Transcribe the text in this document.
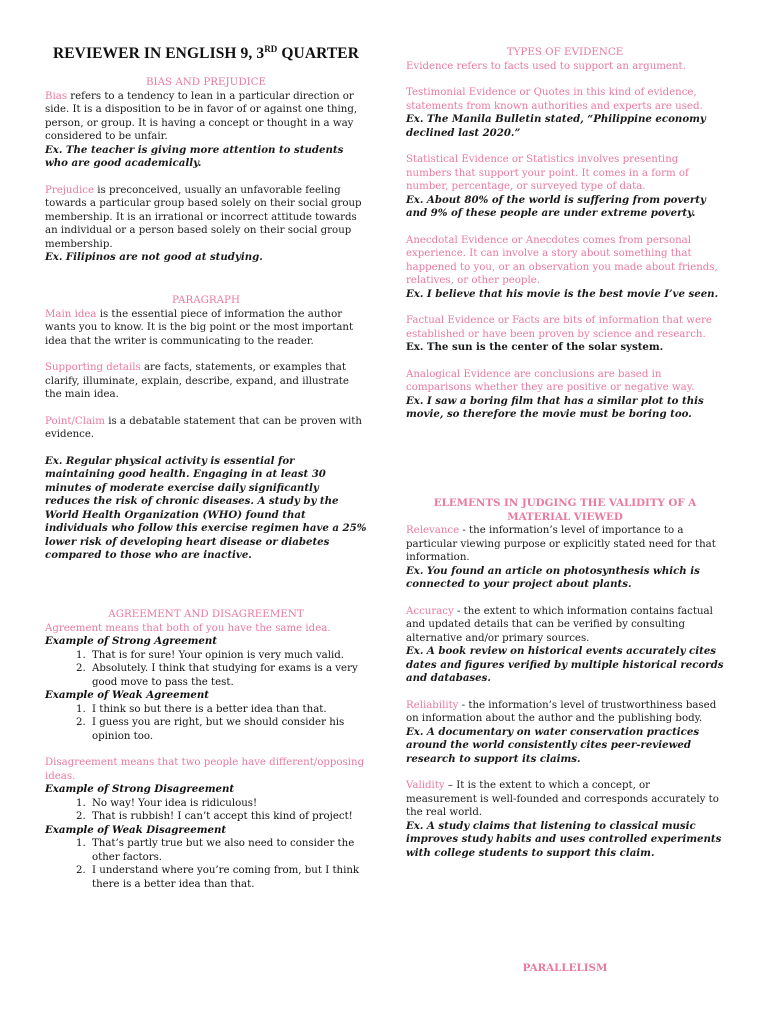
REVIEWER IN ENGLISH 9, 3RD QUARTER

BIAS AND PREJUDICE

Bias refers to a tendency to lean in a particular direction or side. It is a disposition to be in favor of or against one thing, person, or group. It is having a concept or thought in a way considered to be unfair.

Ex. The teacher is giving more attention to students who are good academically.

Prejudice is preconceived, usually an unfavorable feeling towards a particular group based solely on their social group membership. It is an irrational or incorrect attitude towards an individual or a person based solely on their social group membership.

Ex. Filipinos are not good at studying.

PARAGRAPH

Main idea is the essential piece of information the author wants you to know. It is the big point or the most important idea that the writer is communicating to the reader.

Supporting details are facts, statements, or examples that clarify, illuminate, explain, describe, expand, and illustrate the main idea.

Point/Claim is a debatable statement that can be proven with evidence.

Ex. Regular physical activity is essential for maintaining good health. Engaging in at least 30 minutes of moderate exercise daily significantly reduces the risk of chronic diseases. A study by the World Health Organization (WHO) found that individuals who follow this exercise regimen have a 25% lower risk of developing heart disease or diabetes compared to those who are inactive.

AGREEMENT AND DISAGREEMENT

Agreement means that both of you have the same idea.

Example of Strong Agreement

1. That is for sure! Your opinion is very much valid.
2. Absolutely. I think that studying for exams is a very good move to pass the test.

Example of Weak Agreement

1. I think so but there is a better idea than that.
2. I guess you are right, but we should consider his opinion too.

Disagreement means that two people have different/opposing ideas.

Example of Strong Disagreement

1. No way! Your idea is ridiculous!
2. That is rubbish! I can’t accept this kind of project!

Example of Weak Disagreement

1. That’s partly true but we also need to consider the other factors.
2. I understand where you’re coming from, but I think there is a better idea than that.

TYPES OF EVIDENCE

Evidence refers to facts used to support an argument.

Testimonial Evidence or Quotes in this kind of evidence, statements from known authorities and experts are used.

Ex. The Manila Bulletin stated, “Philippine economy declined last 2020.”

Statistical Evidence or Statistics involves presenting numbers that support your point. It comes in a form of number, percentage, or surveyed type of data.

Ex. About 80% of the world is suffering from poverty and 9% of these people are under extreme poverty.

Anecdotal Evidence or Anecdotes comes from personal experience. It can involve a story about something that happened to you, or an observation you made about friends, relatives, or other people.

Ex. I believe that his movie is the best movie I’ve seen.

Factual Evidence or Facts are bits of information that were established or have been proven by science and research.

Ex. The sun is the center of the solar system.

Analogical Evidence are conclusions are based in comparisons whether they are positive or negative way.

Ex. I saw a boring film that has a similar plot to this movie, so therefore the movie must be boring too.

ELEMENTS IN JUDGING THE VALIDITY OF A MATERIAL VIEWED

Relevance - the information’s level of importance to a particular viewing purpose or explicitly stated need for that information.

Ex. You found an article on photosynthesis which is connected to your project about plants.

Accuracy - the extent to which information contains factual and updated details that can be verified by consulting alternative and/or primary sources.

Ex. A book review on historical events accurately cites dates and figures verified by multiple historical records and databases.

Reliability - the information’s level of trustworthiness based on information about the author and the publishing body.

Ex. A documentary on water conservation practices around the world consistently cites peer-reviewed research to support its claims.

Validity – It is the extent to which a concept, or measurement is well-founded and corresponds accurately to the real world.

Ex. A study claims that listening to classical music improves study habits and uses controlled experiments with college students to support this claim.

PARALLELISM
